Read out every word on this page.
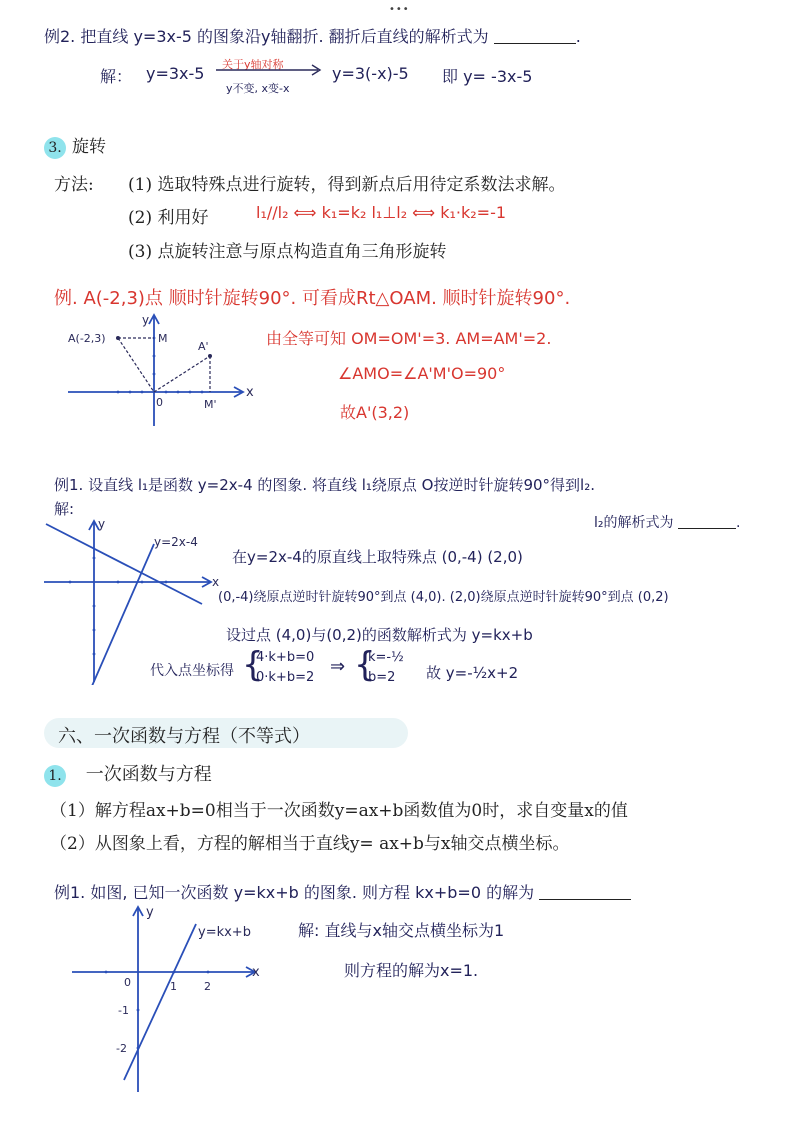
•••
例2. 把直线 y=3x-5 的图象沿y轴翻折. 翻折后直线的解析式为	.
解： y=3x-5 关于y轴对称
y不变, x变-x
y=3(-x)-5 即 y= -3x-5
3. 旋转
方法: (1) 选取特殊点进行旋转，得到新点后用待定系数法求解。
(2) 利用好	l₁//l₂ ⟺ k₁=k₂ l₁⊥l₂ ⟺ k₁·k₂=-1
(3) 点旋转注意与原点构造直角三角形旋转
例. A(-2,3)点 顺时针旋转90°. 可看成Rt△OAM. 顺时针旋转90°.
y
x
0
A(-2,3)	M
A'
M'
由全等可知 OM=OM'=3. AM=AM'=2.
∠AMO=∠A'M'O=90°
故A'(3,2)
例1. 设直线 l₁是函数 y=2x-4 的图象. 将直线 l₁绕原点 O按逆时针旋转90°得到l₂.
解:
l₂的解析式为	.
y
x
y=2x-4
在y=2x-4的原直线上取特殊点 (0,-4) (2,0)
(0,-4)绕原点逆时针旋转90°到点 (4,0). (2,0)绕原点逆时针旋转90°到点 (0,2)
设过点 (4,0)与(0,2)的函数解析式为 y=kx+b
代入点坐标得 {
4·k+b=0
0·k+b=2
⇒ {
k=-½
b=2 故 y=-½x+2
六、一次函数与方程（不等式）
1. 一次函数与方程
（1）解方程ax+b=0相当于一次函数y=ax+b函数值为0时，求自变量x的值
（2）从图象上看，方程的解相当于直线y= ax+b与x轴交点横坐标。
例1. 如图, 已知一次函数 y=kx+b 的图象. 则方程 kx+b=0 的解为
y
x
y=kx+b
0	1 2
-1
-2
解: 直线与x轴交点横坐标为1
则方程的解为x=1.
